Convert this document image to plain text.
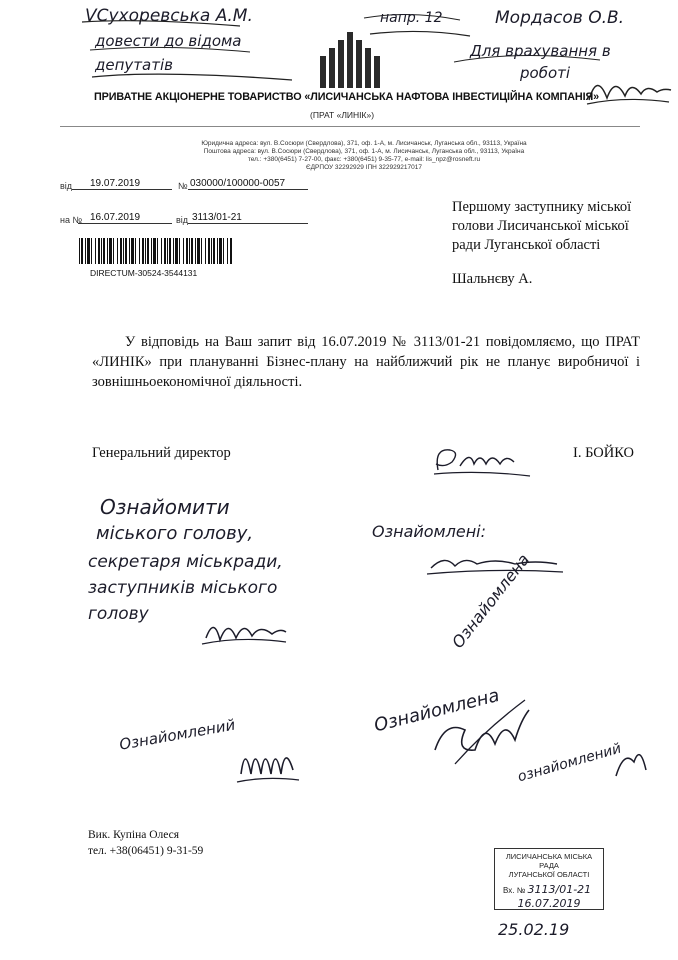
VСухоревська А.М.
довести до відома
депутатів
напр. 12	Мордасов О.В.
Для врахування в
роботі
ПРИВАТНЕ АКЦІОНЕРНЕ ТОВАРИСТВО «ЛИСИЧАНСЬКА НАФТОВА ІНВЕСТИЦІЙНА КОМПАНІЯ»
(ПРАТ «ЛИНІК»)
Юридична адреса: вул. В.Сосюри (Свердлова), 371, оф. 1-А, м. Лисичанськ, Луганська обл., 93113, Україна
Поштова адреса: вул. В.Сосюри (Свердлова), 371, оф. 1-А, м. Лисичанськ, Луганська обл., 93113, Україна
тел.: +380(6451) 7-27-00, факс: +380(6451) 9-35-77, e-mail: lis_npz@rosneft.ru
ЄДРПОУ 32292929 ІПН 322929217017
від	19.07.2019	№ 030000/100000-0057
на № 16.07.2019	від 3113/01-21
DIRECTUM-30524-3544131
Першому заступнику міської
голови Лисичанської міської
ради Луганської області
Шальнєву А.
У відповідь на Ваш запит від 16.07.2019 № 3113/01-21 повідомляємо, що ПРАТ «ЛИНІК» при плануванні Бізнес-плану на найближчий рік не планує виробничої і зовнішньоекономічної діяльності.
Генеральний директор	І. БОЙКО
Ознайомити
міського голову,
секретаря міськради,
заступників міського
голову
Ознайомлені:
Ознайомлена
Ознайомлена
ознайомлений
Ознайомлений
Вик. Купіна Олеся
тел. +38(06451) 9-31-59	ЛИСИЧАНСЬКА МІСЬКА РАДА
ЛУГАНСЬКОЇ ОБЛАСТІ
Вх. № 3113/01-21
16.07.2019
25.02.19
